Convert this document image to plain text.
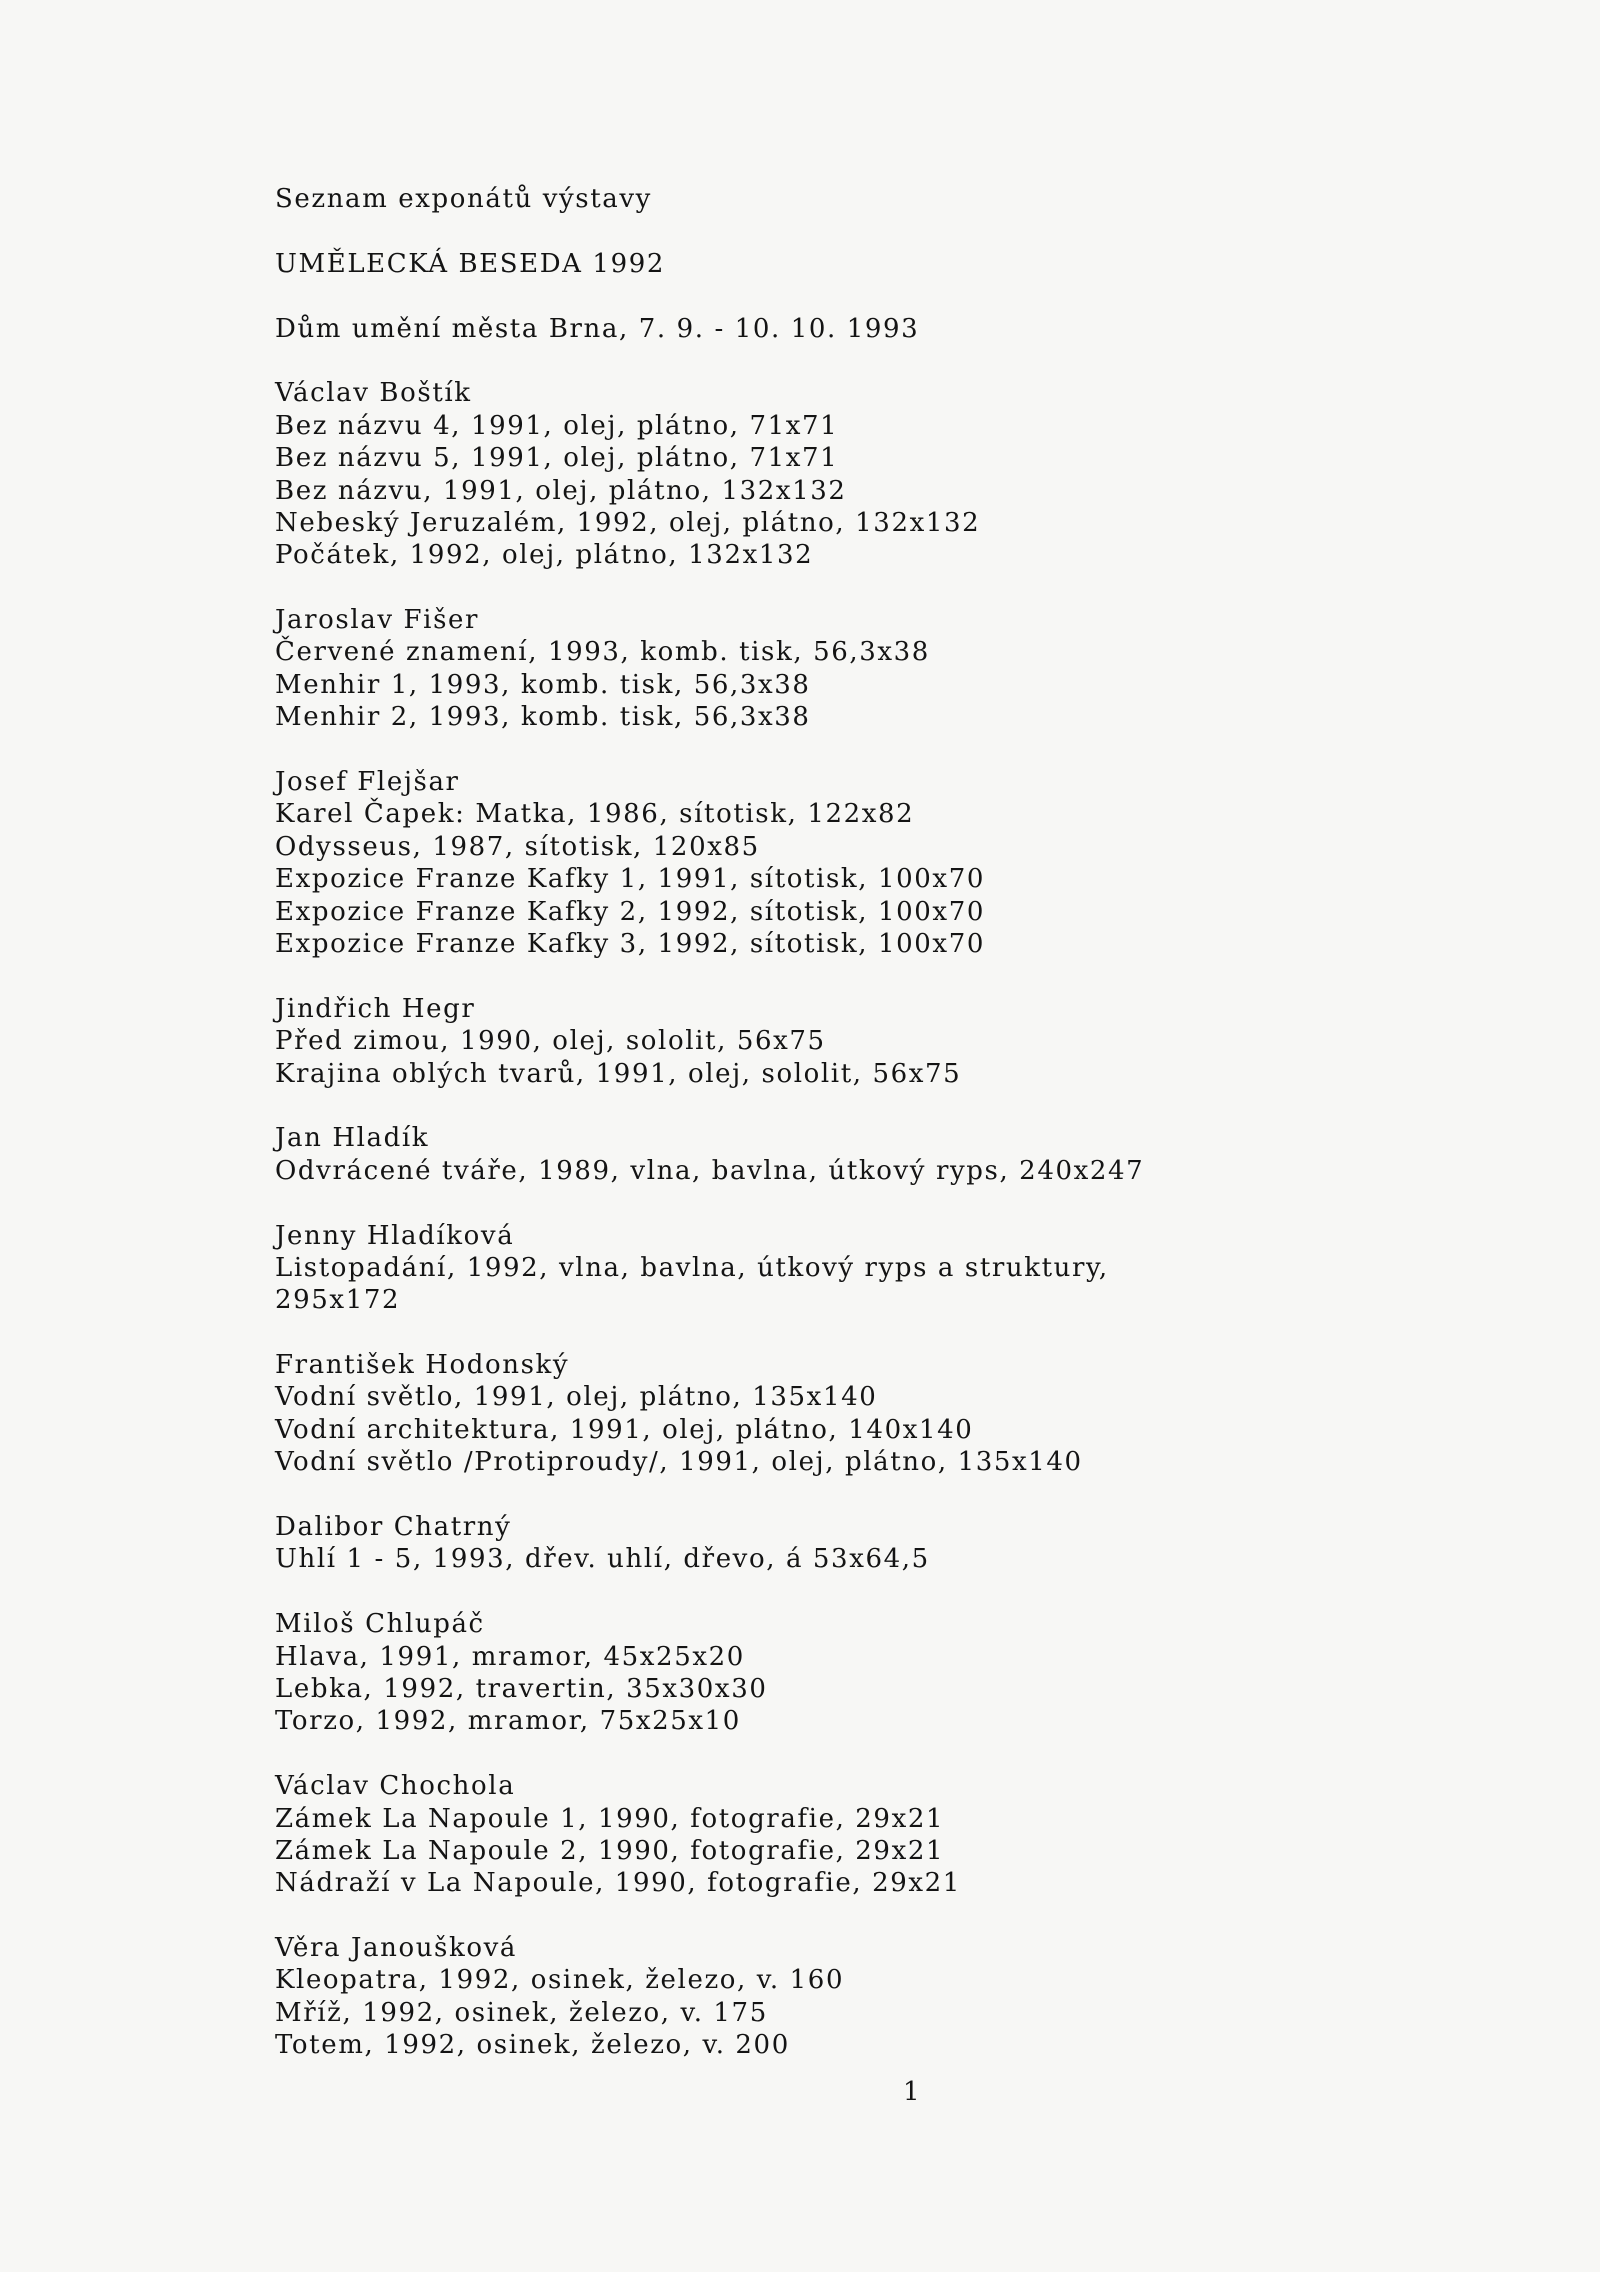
Seznam exponátů výstavy
UMĚLECKÁ BESEDA 1992
Dům umění města Brna, 7. 9. - 10. 10. 1993
Václav Boštík
Bez názvu 4, 1991, olej, plátno, 71x71
Bez názvu 5, 1991, olej, plátno, 71x71
Bez názvu, 1991, olej, plátno, 132x132
Nebeský Jeruzalém, 1992, olej, plátno, 132x132
Počátek, 1992, olej, plátno, 132x132
Jaroslav Fišer
Červené znamení, 1993, komb. tisk, 56,3x38
Menhir 1, 1993, komb. tisk, 56,3x38
Menhir 2, 1993, komb. tisk, 56,3x38
Josef Flejšar
Karel Čapek: Matka, 1986, sítotisk, 122x82
Odysseus, 1987, sítotisk, 120x85
Expozice Franze Kafky 1, 1991, sítotisk, 100x70
Expozice Franze Kafky 2, 1992, sítotisk, 100x70
Expozice Franze Kafky 3, 1992, sítotisk, 100x70
Jindřich Hegr
Před zimou, 1990, olej, sololit, 56x75
Krajina oblých tvarů, 1991, olej, sololit, 56x75
Jan Hladík
Odvrácené tváře, 1989, vlna, bavlna, útkový ryps, 240x247
Jenny Hladíková
Listopadání, 1992, vlna, bavlna, útkový ryps a struktury,
295x172
František Hodonský
Vodní světlo, 1991, olej, plátno, 135x140
Vodní architektura, 1991, olej, plátno, 140x140
Vodní světlo /Protiproudy/, 1991, olej, plátno, 135x140
Dalibor Chatrný
Uhlí 1 - 5, 1993, dřev. uhlí, dřevo, á 53x64,5
Miloš Chlupáč
Hlava, 1991, mramor, 45x25x20
Lebka, 1992, travertin, 35x30x30
Torzo, 1992, mramor, 75x25x10
Václav Chochola
Zámek La Napoule 1, 1990, fotografie, 29x21
Zámek La Napoule 2, 1990, fotografie, 29x21
Nádraží v La Napoule, 1990, fotografie, 29x21
Věra Janoušková
Kleopatra, 1992, osinek, železo, v. 160
Mříž, 1992, osinek, železo, v. 175
Totem, 1992, osinek, železo, v. 200
1
